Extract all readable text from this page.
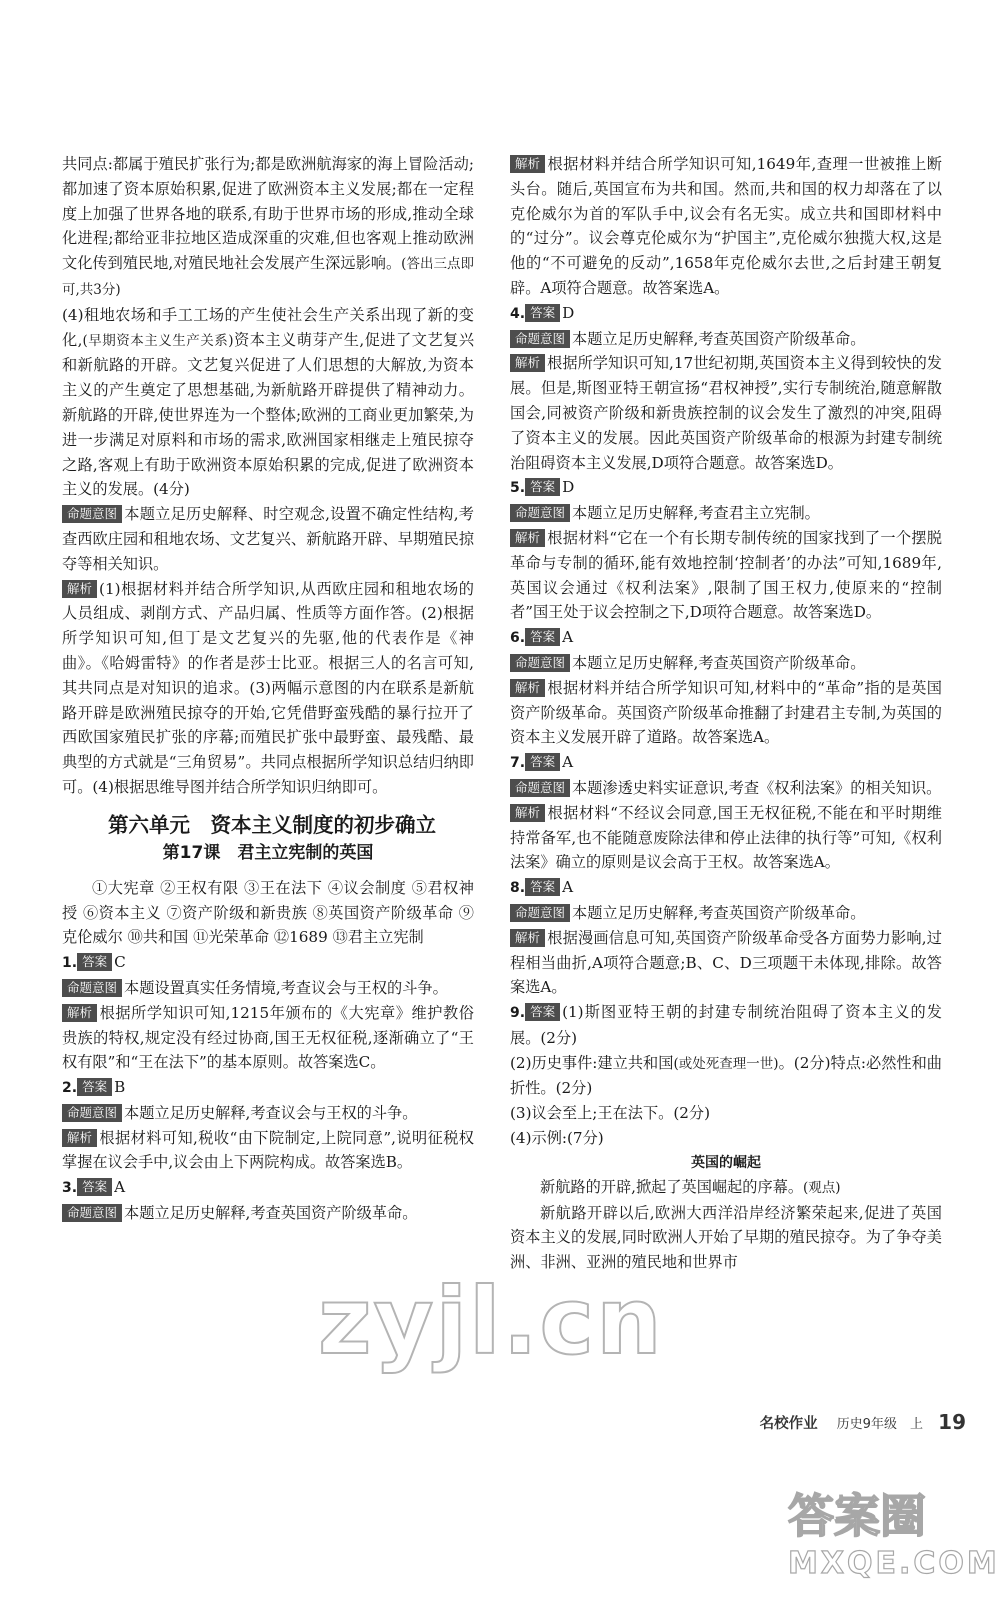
共同点:都属于殖民扩张行为;都是欧洲航海家的海上冒险活动;都加速了资本原始积累,促进了欧洲资本主义发展;都在一定程度上加强了世界各地的联系,有助于世界市场的形成,推动全球化进程;都给亚非拉地区造成深重的灾难,但也客观上推动欧洲文化传到殖民地,对殖民地社会发展产生深远影响。(答出三点即可,共3分)

(4)租地农场和手工工场的产生使社会生产关系出现了新的变化,(早期资本主义生产关系)资本主义萌芽产生,促进了文艺复兴和新航路的开辟。文艺复兴促进了人们思想的大解放,为资本主义的产生奠定了思想基础,为新航路开辟提供了精神动力。新航路的开辟,使世界连为一个整体;欧洲的工商业更加繁荣,为进一步满足对原料和市场的需求,欧洲国家相继走上殖民掠夺之路,客观上有助于欧洲资本原始积累的完成,促进了欧洲资本主义的发展。(4分)

命题意图 本题立足历史解释、时空观念,设置不确定性结构,考查西欧庄园和租地农场、文艺复兴、新航路开辟、早期殖民掠夺等相关知识。

解析 (1)根据材料并结合所学知识,从西欧庄园和租地农场的人员组成、剥削方式、产品归属、性质等方面作答。(2)根据所学知识可知,但丁是文艺复兴的先驱,他的代表作是《神曲》。《哈姆雷特》的作者是莎士比亚。根据三人的名言可知,其共同点是对知识的追求。(3)两幅示意图的内在联系是新航路开辟是欧洲殖民掠夺的开始,它凭借野蛮残酷的暴行拉开了西欧国家殖民扩张的序幕;而殖民扩张中最野蛮、最残酷、最典型的方式就是“三角贸易”。共同点根据所学知识总结归纳即可。(4)根据思维导图并结合所学知识归纳即可。

第六单元　资本主义制度的初步确立
第17课　君主立宪制的英国

①大宪章 ②王权有限 ③王在法下 ④议会制度 ⑤君权神授 ⑥资本主义 ⑦资产阶级和新贵族 ⑧英国资产阶级革命 ⑨克伦威尔 ⑩共和国 ⑪光荣革命 ⑫1689 ⑬君主立宪制

1. 答案 C

命题意图 本题设置真实任务情境,考查议会与王权的斗争。

解析 根据所学知识可知,1215年颁布的《大宪章》维护教俗贵族的特权,规定没有经过协商,国王无权征税,逐渐确立了“王权有限”和“王在法下”的基本原则。故答案选C。

2. 答案 B

命题意图 本题立足历史解释,考查议会与王权的斗争。

解析 根据材料可知,税收“由下院制定,上院同意”,说明征税权掌握在议会手中,议会由上下两院构成。故答案选B。

3. 答案 A

命题意图 本题立足历史解释,考查英国资产阶级革命。

解析 根据材料并结合所学知识可知,1649年,查理一世被推上断头台。随后,英国宣布为共和国。然而,共和国的权力却落在了以克伦威尔为首的军队手中,议会有名无实。成立共和国即材料中的“过分”。议会尊克伦威尔为“护国主”,克伦威尔独揽大权,这是他的“不可避免的反动”,1658年克伦威尔去世,之后封建王朝复辟。A项符合题意。故答案选A。

4. 答案 D

命题意图 本题立足历史解释,考查英国资产阶级革命。

解析 根据所学知识可知,17世纪初期,英国资本主义得到较快的发展。但是,斯图亚特王朝宣扬“君权神授”,实行专制统治,随意解散国会,同被资产阶级和新贵族控制的议会发生了激烈的冲突,阻碍了资本主义的发展。因此英国资产阶级革命的根源为封建专制统治阻碍资本主义发展,D项符合题意。故答案选D。

5. 答案 D

命题意图 本题立足历史解释,考查君主立宪制。

解析 根据材料“它在一个有长期专制传统的国家找到了一个摆脱革命与专制的循环,能有效地控制‘控制者’的办法”可知,1689年,英国议会通过《权利法案》,限制了国王权力,使原来的“控制者”国王处于议会控制之下,D项符合题意。故答案选D。

6. 答案 A

命题意图 本题立足历史解释,考查英国资产阶级革命。

解析 根据材料并结合所学知识可知,材料中的“革命”指的是英国资产阶级革命。英国资产阶级革命推翻了封建君主专制,为英国的资本主义发展开辟了道路。故答案选A。

7. 答案 A

命题意图 本题渗透史料实证意识,考查《权利法案》的相关知识。

解析 根据材料“不经议会同意,国王无权征税,不能在和平时期维持常备军,也不能随意废除法律和停止法律的执行等”可知,《权利法案》确立的原则是议会高于王权。故答案选A。

8. 答案 A

命题意图 本题立足历史解释,考查英国资产阶级革命。

解析 根据漫画信息可知,英国资产阶级革命受各方面势力影响,过程相当曲折,A项符合题意;B、C、D三项题干未体现,排除。故答案选A。

9. 答案 (1)斯图亚特王朝的封建专制统治阻碍了资本主义的发展。(2分)

(2)历史事件:建立共和国(或处死查理一世)。(2分)特点:必然性和曲折性。(2分)

(3)议会至上;王在法下。(2分)

(4)示例:(7分)

英国的崛起

新航路的开辟,掀起了英国崛起的序幕。(观点)

新航路开辟以后,欧洲大西洋沿岸经济繁荣起来,促进了英国资本主义的发展,同时欧洲人开始了早期的殖民掠夺。为了争夺美洲、非洲、亚洲的殖民地和世界市

zyjl.cn
名校作业 历史9年级 上 19
答案圈
MXQE.COM
